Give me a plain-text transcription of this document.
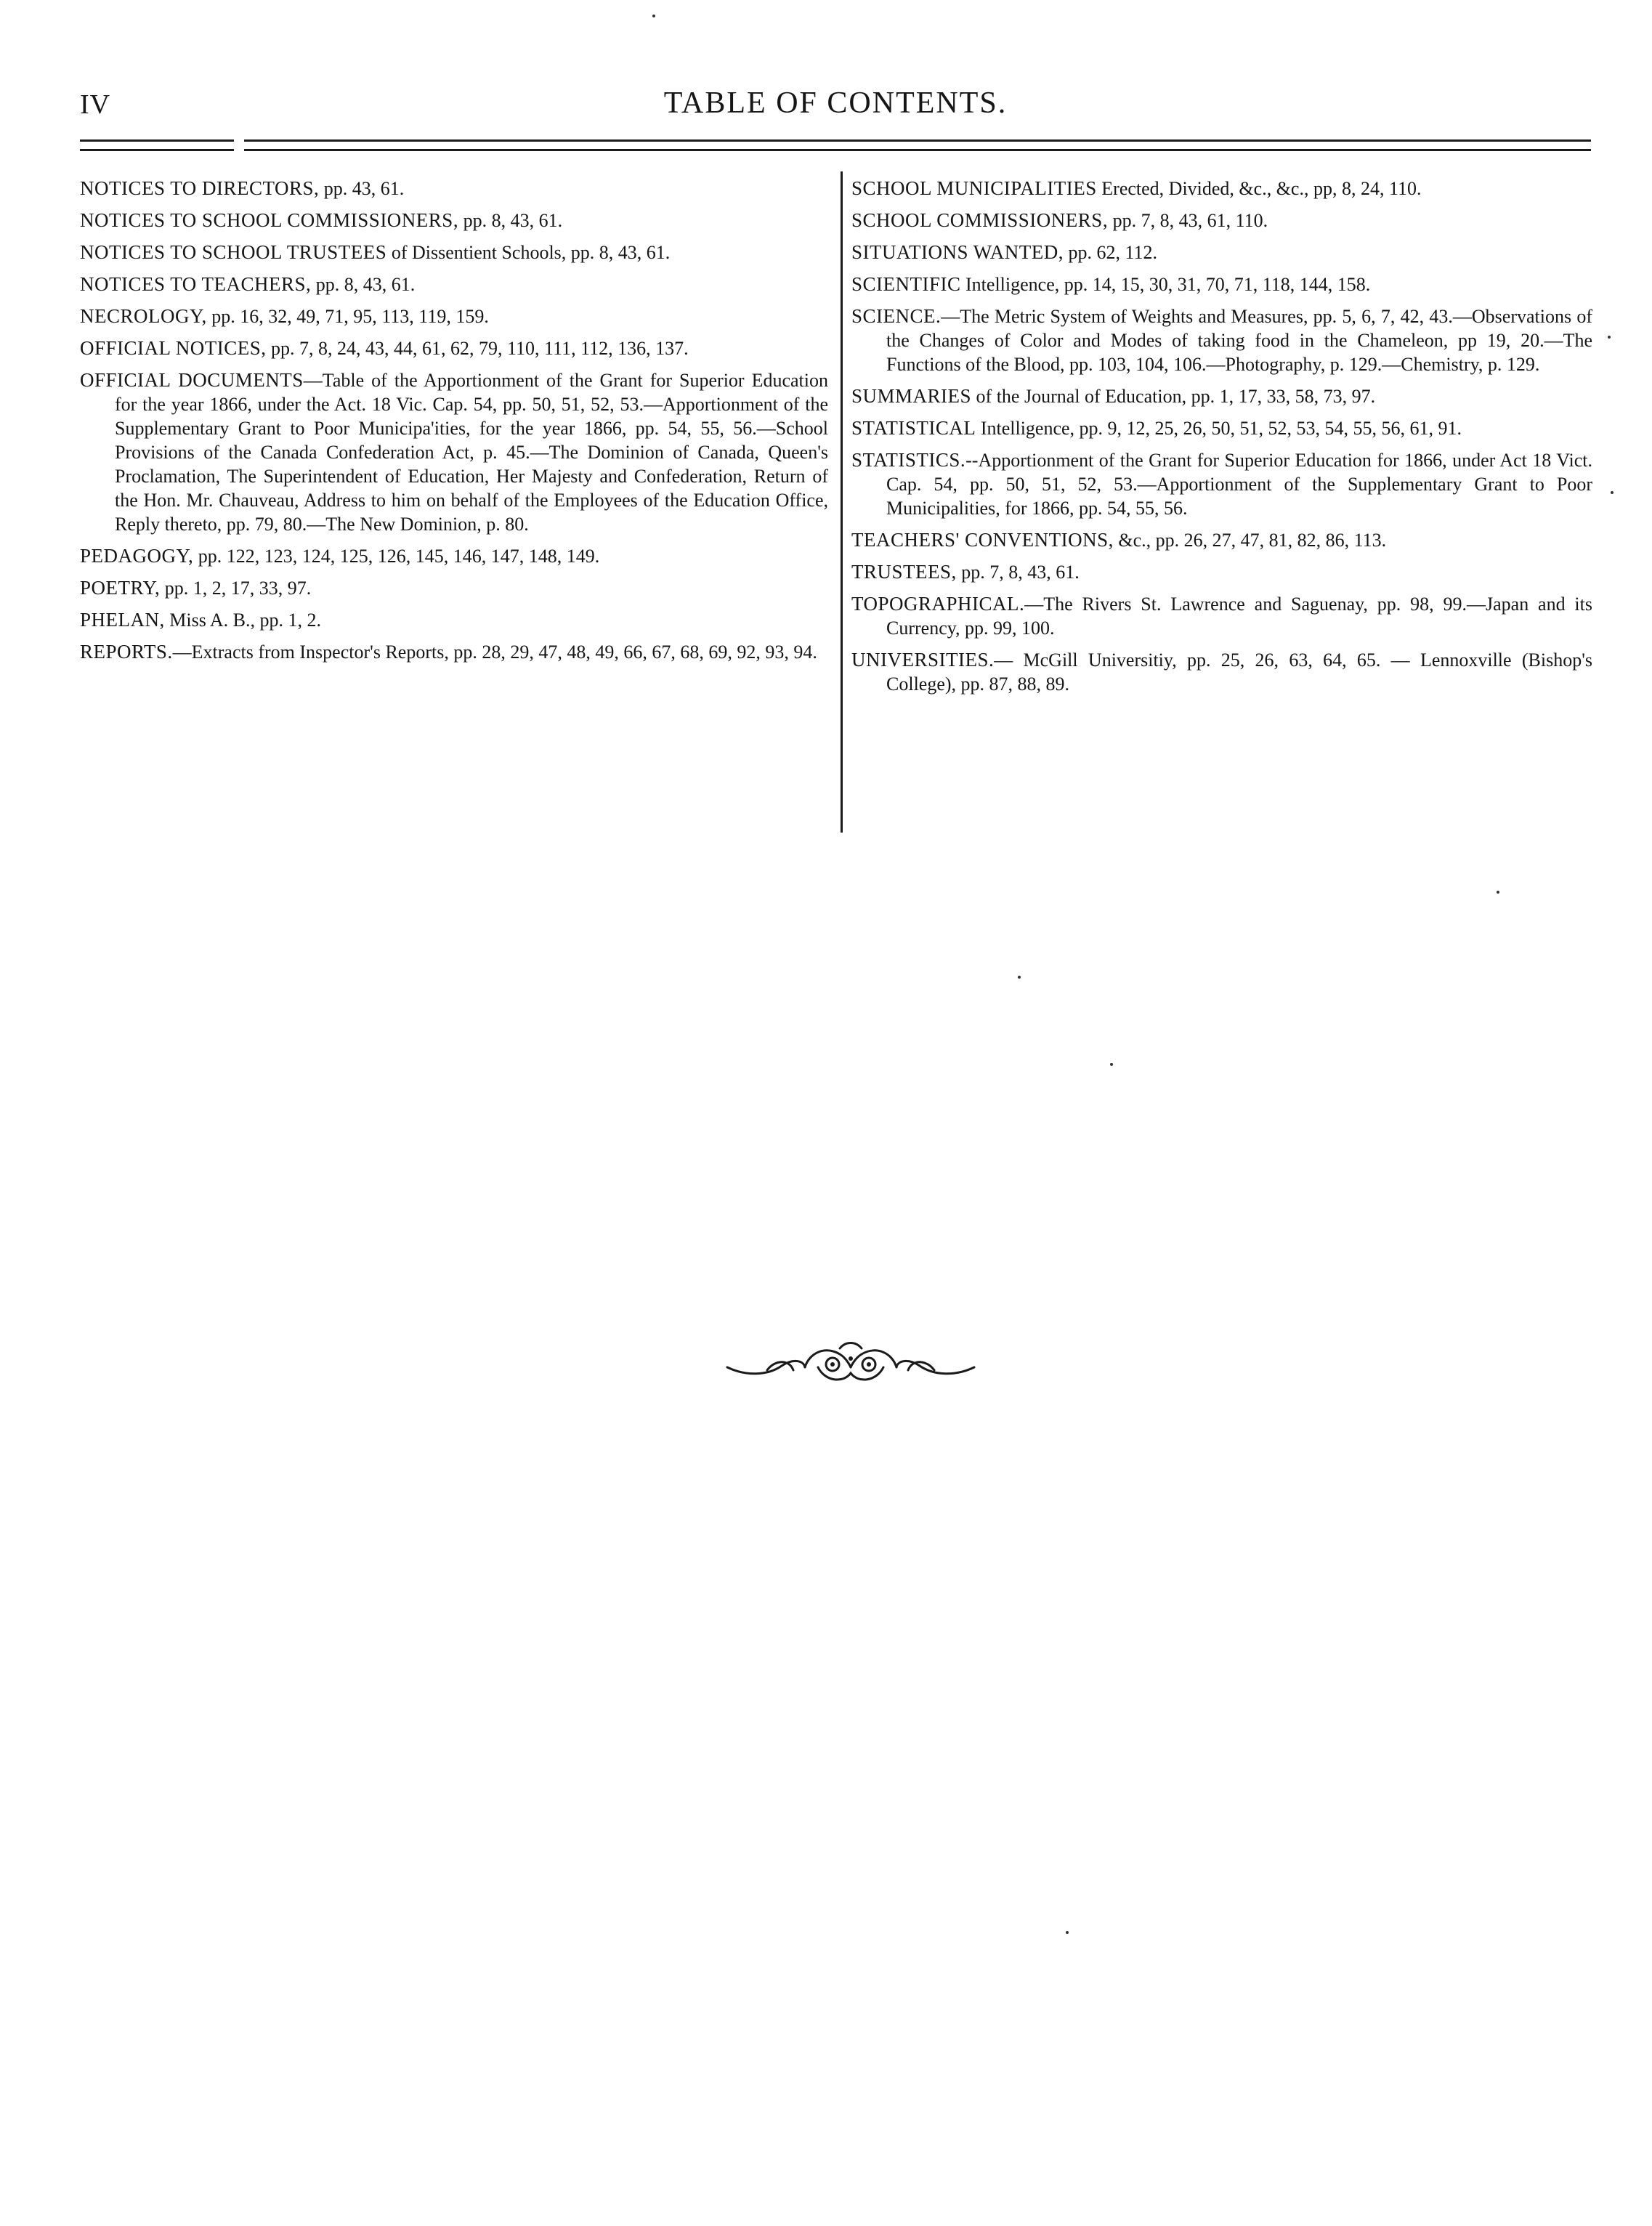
IV	TABLE OF CONTENTS.
NOTICES TO DIRECTORS, pp. 43, 61.
NOTICES TO SCHOOL COMMISSIONERS, pp. 8, 43, 61.
NOTICES TO SCHOOL TRUSTEES of Dissentient Schools, pp. 8, 43, 61.
NOTICES TO TEACHERS, pp. 8, 43, 61.
NECROLOGY, pp. 16, 32, 49, 71, 95, 113, 119, 159.
OFFICIAL NOTICES, pp. 7, 8, 24, 43, 44, 61, 62, 79, 110, 111, 112, 136, 137.
OFFICIAL DOCUMENTS—Table of the Apportionment of the Grant for Superior Education for the year 1866, under the Act. 18 Vic. Cap. 54, pp. 50, 51, 52, 53.—Apportionment of the Supplementary Grant to Poor Municipa'ities, for the year 1866, pp. 54, 55, 56.—School Provisions of the Canada Confederation Act, p. 45.—The Dominion of Canada, Queen's Proclamation, The Superintendent of Education, Her Majesty and Confederation, Return of the Hon. Mr. Chauveau, Address to him on behalf of the Employees of the Education Office, Reply thereto, pp. 79, 80.—The New Dominion, p. 80.
PEDAGOGY, pp. 122, 123, 124, 125, 126, 145, 146, 147, 148, 149.
POETRY, pp. 1, 2, 17, 33, 97.
PHELAN, Miss A. B., pp. 1, 2.
REPORTS.—Extracts from Inspector's Reports, pp. 28, 29, 47, 48, 49, 66, 67, 68, 69, 92, 93, 94.
SCHOOL MUNICIPALITIES Erected, Divided, &c., &c., pp, 8, 24, 110.
SCHOOL COMMISSIONERS, pp. 7, 8, 43, 61, 110.
SITUATIONS WANTED, pp. 62, 112.
SCIENTIFIC Intelligence, pp. 14, 15, 30, 31, 70, 71, 118, 144, 158.
SCIENCE.—The Metric System of Weights and Measures, pp. 5, 6, 7, 42, 43.—Observations of the Changes of Color and Modes of taking food in the Chameleon, pp 19, 20.—The Functions of the Blood, pp. 103, 104, 106.—Photography, p. 129.—Chemistry, p. 129.
SUMMARIES of the Journal of Education, pp. 1, 17, 33, 58, 73, 97.
STATISTICAL Intelligence, pp. 9, 12, 25, 26, 50, 51, 52, 53, 54, 55, 56, 61, 91.
STATISTICS.--Apportionment of the Grant for Superior Education for 1866, under Act 18 Vict. Cap. 54, pp. 50, 51, 52, 53.—Apportionment of the Supplementary Grant to Poor Municipalities, for 1866, pp. 54, 55, 56.
TEACHERS' CONVENTIONS, &c., pp. 26, 27, 47, 81, 82, 86, 113.
TRUSTEES, pp. 7, 8, 43, 61.
TOPOGRAPHICAL.—The Rivers St. Lawrence and Saguenay, pp. 98, 99.—Japan and its Currency, pp. 99, 100.
UNIVERSITIES.— McGill Universitiy, pp. 25, 26, 63, 64, 65. — Lennoxville (Bishop's College), pp. 87, 88, 89.
